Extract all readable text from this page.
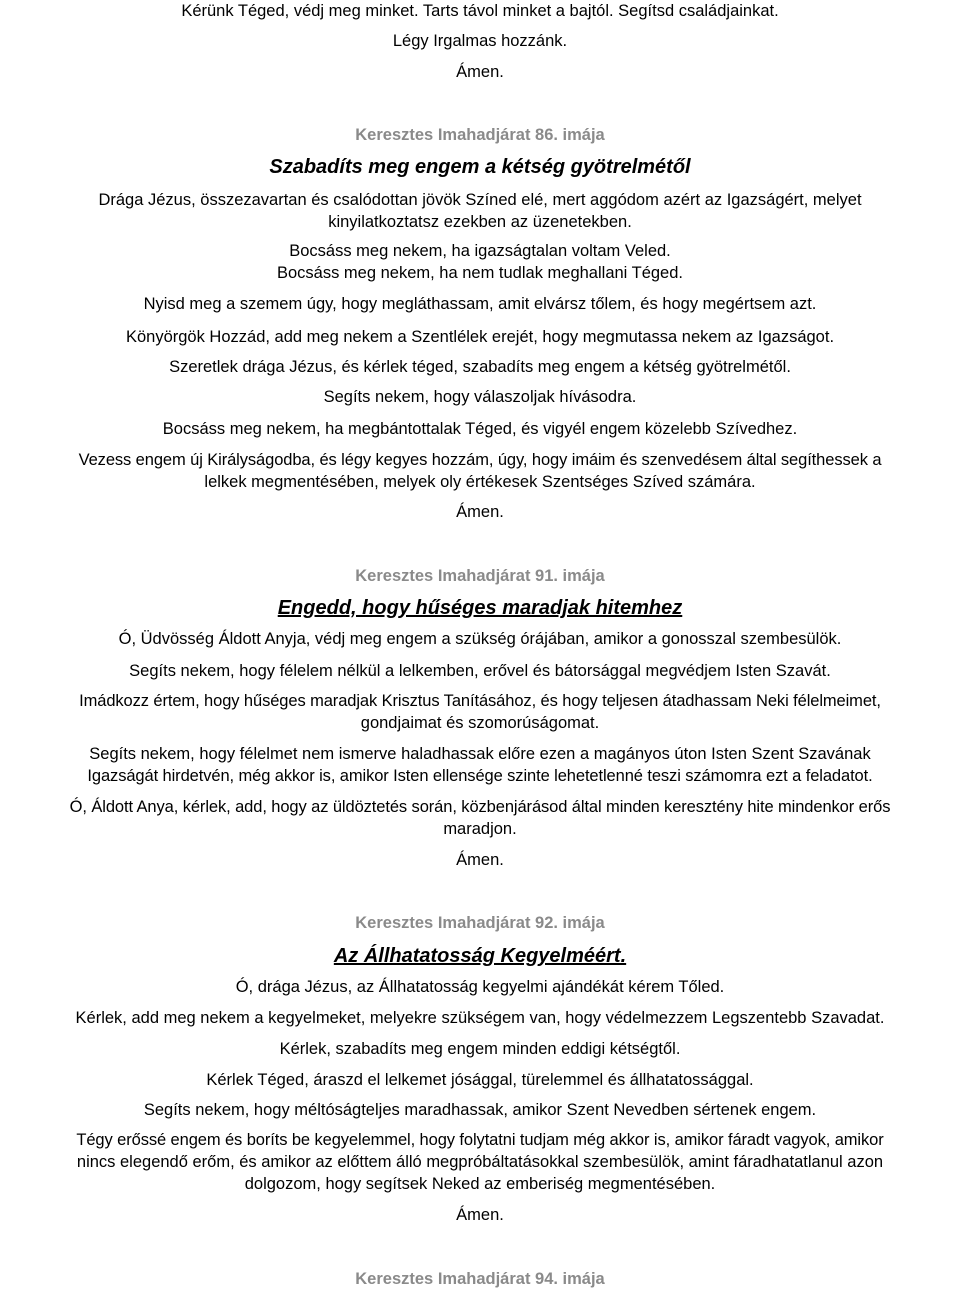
Kérünk Téged, védj meg minket. Tarts távol minket a bajtól. Segítsd családjainkat.
Légy Irgalmas hozzánk.
Ámen.
Keresztes Imahadjárat 86. imája
Szabadíts meg engem a kétség gyötrelmétől
Drága Jézus, összezavartan és csalódottan jövök Színed elé, mert aggódom azért az Igazságért, melyet
kinyilatkoztatsz ezekben az üzenetekben.
Bocsáss meg nekem, ha igazságtalan voltam Veled.
Bocsáss meg nekem, ha nem tudlak meghallani Téged.
Nyisd meg a szemem úgy, hogy megláthassam, amit elvársz tőlem, és hogy megértsem azt.
Könyörgök Hozzád, add meg nekem a Szentlélek erejét, hogy megmutassa nekem az Igazságot.
Szeretlek drága Jézus, és kérlek téged, szabadíts meg engem a kétség gyötrelmétől.
Segíts nekem, hogy válaszoljak hívásodra.
Bocsáss meg nekem, ha megbántottalak Téged, és vigyél engem közelebb Szívedhez.
Vezess engem új Királyságodba, és légy kegyes hozzám, úgy, hogy imáim és szenvedésem által segíthessek a
lelkek megmentésében, melyek oly értékesek Szentséges Szíved számára.
Ámen.
Keresztes Imahadjárat 91. imája
Engedd, hogy hűséges maradjak hitemhez
Ó, Üdvösség Áldott Anyja, védj meg engem a szükség órájában, amikor a gonosszal szembesülök.
Segíts nekem, hogy félelem nélkül a lelkemben, erővel és bátorsággal megvédjem Isten Szavát.
Imádkozz értem, hogy hűséges maradjak Krisztus Tanításához, és hogy teljesen átadhassam Neki félelmeimet,
gondjaimat és szomorúságomat.
Segíts nekem, hogy félelmet nem ismerve haladhassak előre ezen a magányos úton Isten Szent Szavának
Igazságát hirdetvén, még akkor is, amikor Isten ellensége szinte lehetetlenné teszi számomra ezt a feladatot.
Ó, Áldott Anya, kérlek, add, hogy az üldöztetés során, közbenjárásod által minden keresztény hite mindenkor erős
maradjon.
Ámen.
Keresztes Imahadjárat 92. imája
Az Állhatatosság Kegyelméért.
Ó, drága Jézus, az Állhatatosság kegyelmi ajándékát kérem Tőled.
Kérlek, add meg nekem a kegyelmeket, melyekre szükségem van, hogy védelmezzem Legszentebb Szavadat.
Kérlek, szabadíts meg engem minden eddigi kétségtől.
Kérlek Téged, áraszd el lelkemet jósággal, türelemmel és állhatatossággal.
Segíts nekem, hogy méltóságteljes maradhassak, amikor Szent Nevedben sértenek engem.
Tégy erőssé engem és boríts be kegyelemmel, hogy folytatni tudjam még akkor is, amikor fáradt vagyok, amikor
nincs elegendő erőm, és amikor az előttem álló megpróbáltatásokkal szembesülök, amint fáradhatatlanul azon
dolgozom, hogy segítsek Neked az emberiség megmentésében.
Ámen.
Keresztes Imahadjárat 94. imája
